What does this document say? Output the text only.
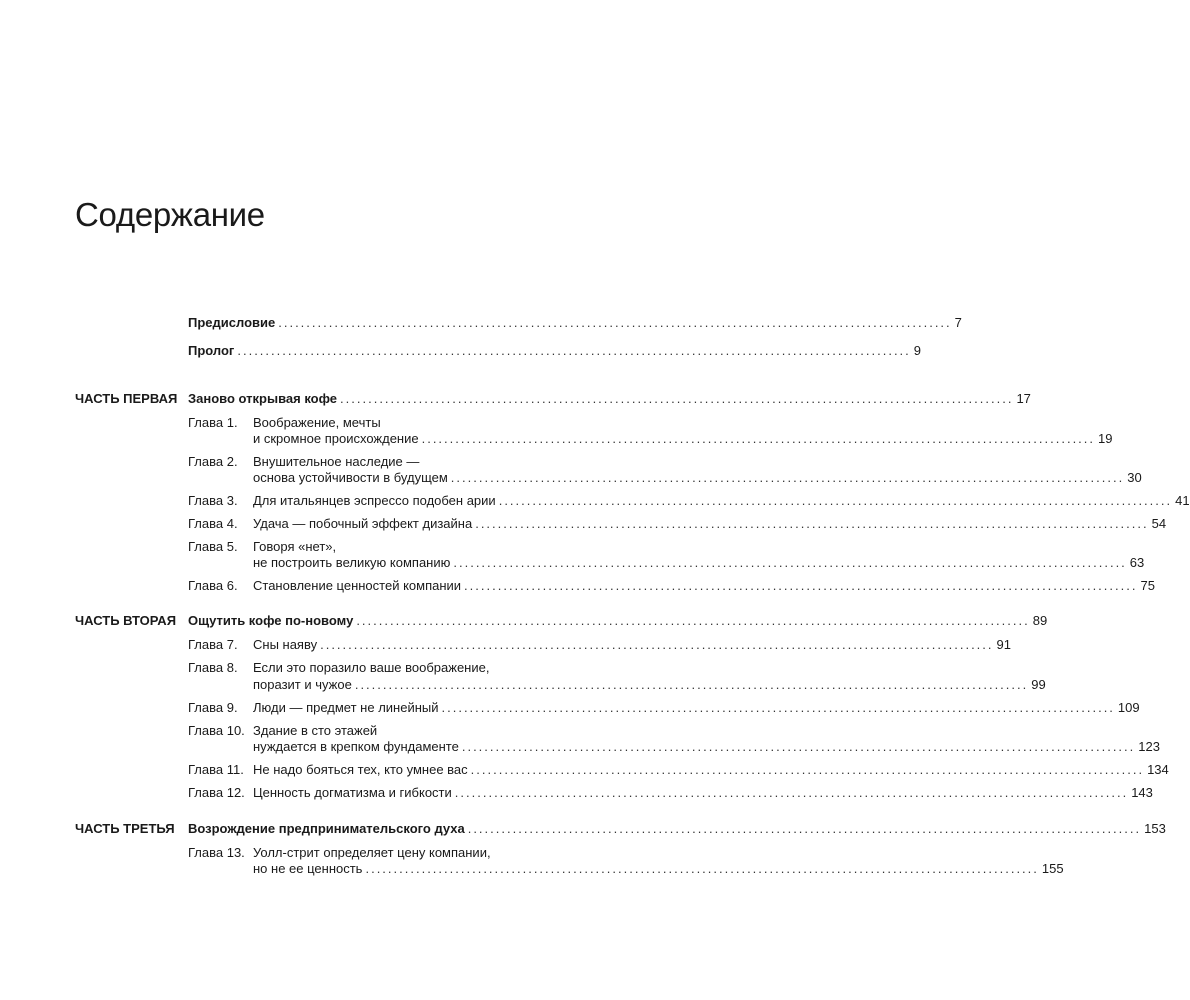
Содержание
Предисловие ........................................................................................................................ 7
Пролог ........................................................................................................................ 9
ЧАСТЬ ПЕРВАЯ Заново открывая кофе ........................................................................................................................ 17
Глава 1. Воображение, мечты
и скромное происхождение ........................................................................................................................ 19
Глава 2. Внушительное наследие —
основа устойчивости в будущем ........................................................................................................................ 30
Глава 3. Для итальянцев эспрессо подобен арии ........................................................................................................................ 41
Глава 4. Удача — побочный эффект дизайна ........................................................................................................................ 54
Глава 5. Говоря «нет»,
не построить великую компанию ........................................................................................................................ 63
Глава 6. Становление ценностей компании ........................................................................................................................ 75
ЧАСТЬ ВТОРАЯ Ощутить кофе по-новому ........................................................................................................................ 89
Глава 7. Сны наяву ........................................................................................................................ 91
Глава 8. Если это поразило ваше воображение,
поразит и чужое ........................................................................................................................ 99
Глава 9. Люди — предмет не линейный ........................................................................................................................ 109
Глава 10. Здание в сто этажей
нуждается в крепком фундаменте ........................................................................................................................ 123
Глава 11. Не надо бояться тех, кто умнее вас ........................................................................................................................ 134
Глава 12. Ценность догматизма и гибкости ........................................................................................................................ 143
ЧАСТЬ ТРЕТЬЯ Возрождение предпринимательского духа ........................................................................................................................ 153
Глава 13. Уолл-стрит определяет цену компании,
но не ее ценность ........................................................................................................................ 155
